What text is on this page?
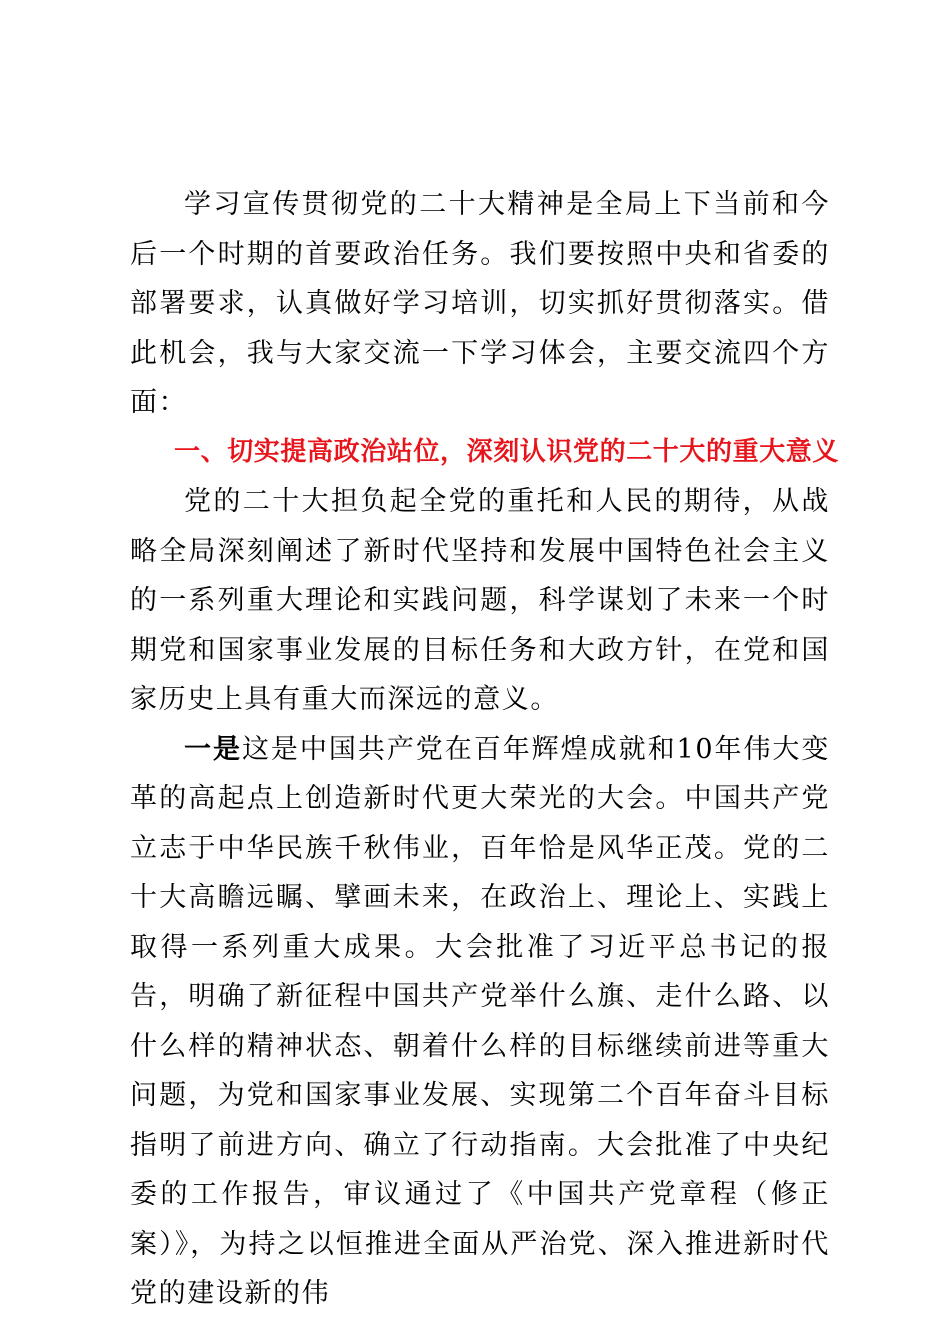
学习宣传贯彻党的二十大精神是全局上下当前和今后一个时期的首要政治任务。我们要按照中央和省委的部署要求，认真做好学习培训，切实抓好贯彻落实。借此机会，我与大家交流一下学习体会，主要交流四个方面：

一、切实提高政治站位，深刻认识党的二十大的重大意义

党的二十大担负起全党的重托和人民的期待，从战略全局深刻阐述了新时代坚持和发展中国特色社会主义的一系列重大理论和实践问题，科学谋划了未来一个时期党和国家事业发展的目标任务和大政方针，在党和国家历史上具有重大而深远的意义。

一是这是中国共产党在百年辉煌成就和10年伟大变革的高起点上创造新时代更大荣光的大会。中国共产党立志于中华民族千秋伟业，百年恰是风华正茂。党的二十大高瞻远瞩、擘画未来，在政治上、理论上、实践上取得一系列重大成果。大会批准了习近平总书记的报告，明确了新征程中国共产党举什么旗、走什么路、以什么样的精神状态、朝着什么样的目标继续前进等重大问题，为党和国家事业发展、实现第二个百年奋斗目标指明了前进方向、确立了行动指南。大会批准了中央纪委的工作报告，审议通过了《中国共产党章程（修正案）》，为持之以恒推进全面从严治党、深入推进新时代党的建设新的伟
